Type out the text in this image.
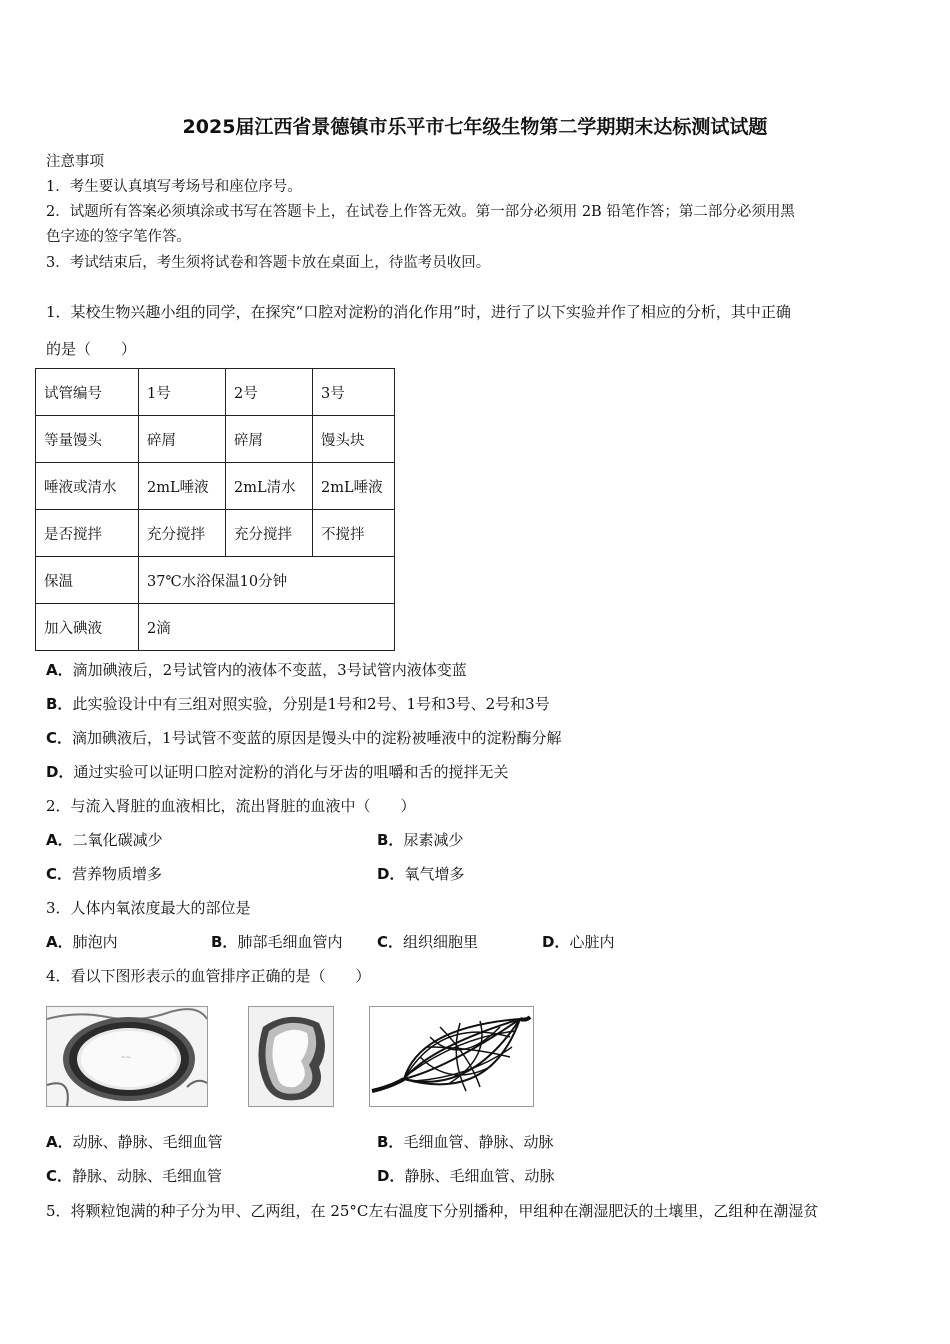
2025届江西省景德镇市乐平市七年级生物第二学期期末达标测试试题
注意事项
1．考生要认真填写考场号和座位序号。
2．试题所有答案必须填涂或书写在答题卡上，在试卷上作答无效。第一部分必须用 2B 铅笔作答；第二部分必须用黑
色字迹的签字笔作答。
3．考试结束后，考生须将试卷和答题卡放在桌面上，待监考员收回。
1．某校生物兴趣小组的同学，在探究“口腔对淀粉的消化作用”时，进行了以下实验并作了相应的分析，其中正确
的是（　　）
试管编号	1号	2号	3号
等量馒头	碎屑	碎屑	馒头块
唾液或清水	2mL唾液	2mL清水	2mL唾液
是否搅拌	充分搅拌	充分搅拌	不搅拌
保温	37℃水浴保温10分钟		
加入碘液	2滴		
A．滴加碘液后，2号试管内的液体不变蓝，3号试管内液体变蓝
B．此实验设计中有三组对照实验，分别是1号和2号、1号和3号、2号和3号
C．滴加碘液后，1号试管不变蓝的原因是馒头中的淀粉被唾液中的淀粉酶分解
D．通过实验可以证明口腔对淀粉的消化与牙齿的咀嚼和舌的搅拌无关
2．与流入肾脏的血液相比，流出肾脏的血液中（　　）
A．二氧化碳减少	B．尿素减少
C．营养物质增多	D．氧气增多
3．人体内氧浓度最大的部位是
A．肺泡内	B．肺部毛细血管内 C．组织细胞里	D．心脏内
4．看以下图形表示的血管排序正确的是（　　）
~~
A．动脉、静脉、毛细血管	B．毛细血管、静脉、动脉
C．静脉、动脉、毛细血管	D．静脉、毛细血管、动脉
5．将颗粒饱满的种子分为甲、乙两组，在 25°C左右温度下分别播种，甲组种在潮湿肥沃的土壤里，乙组种在潮湿贫
